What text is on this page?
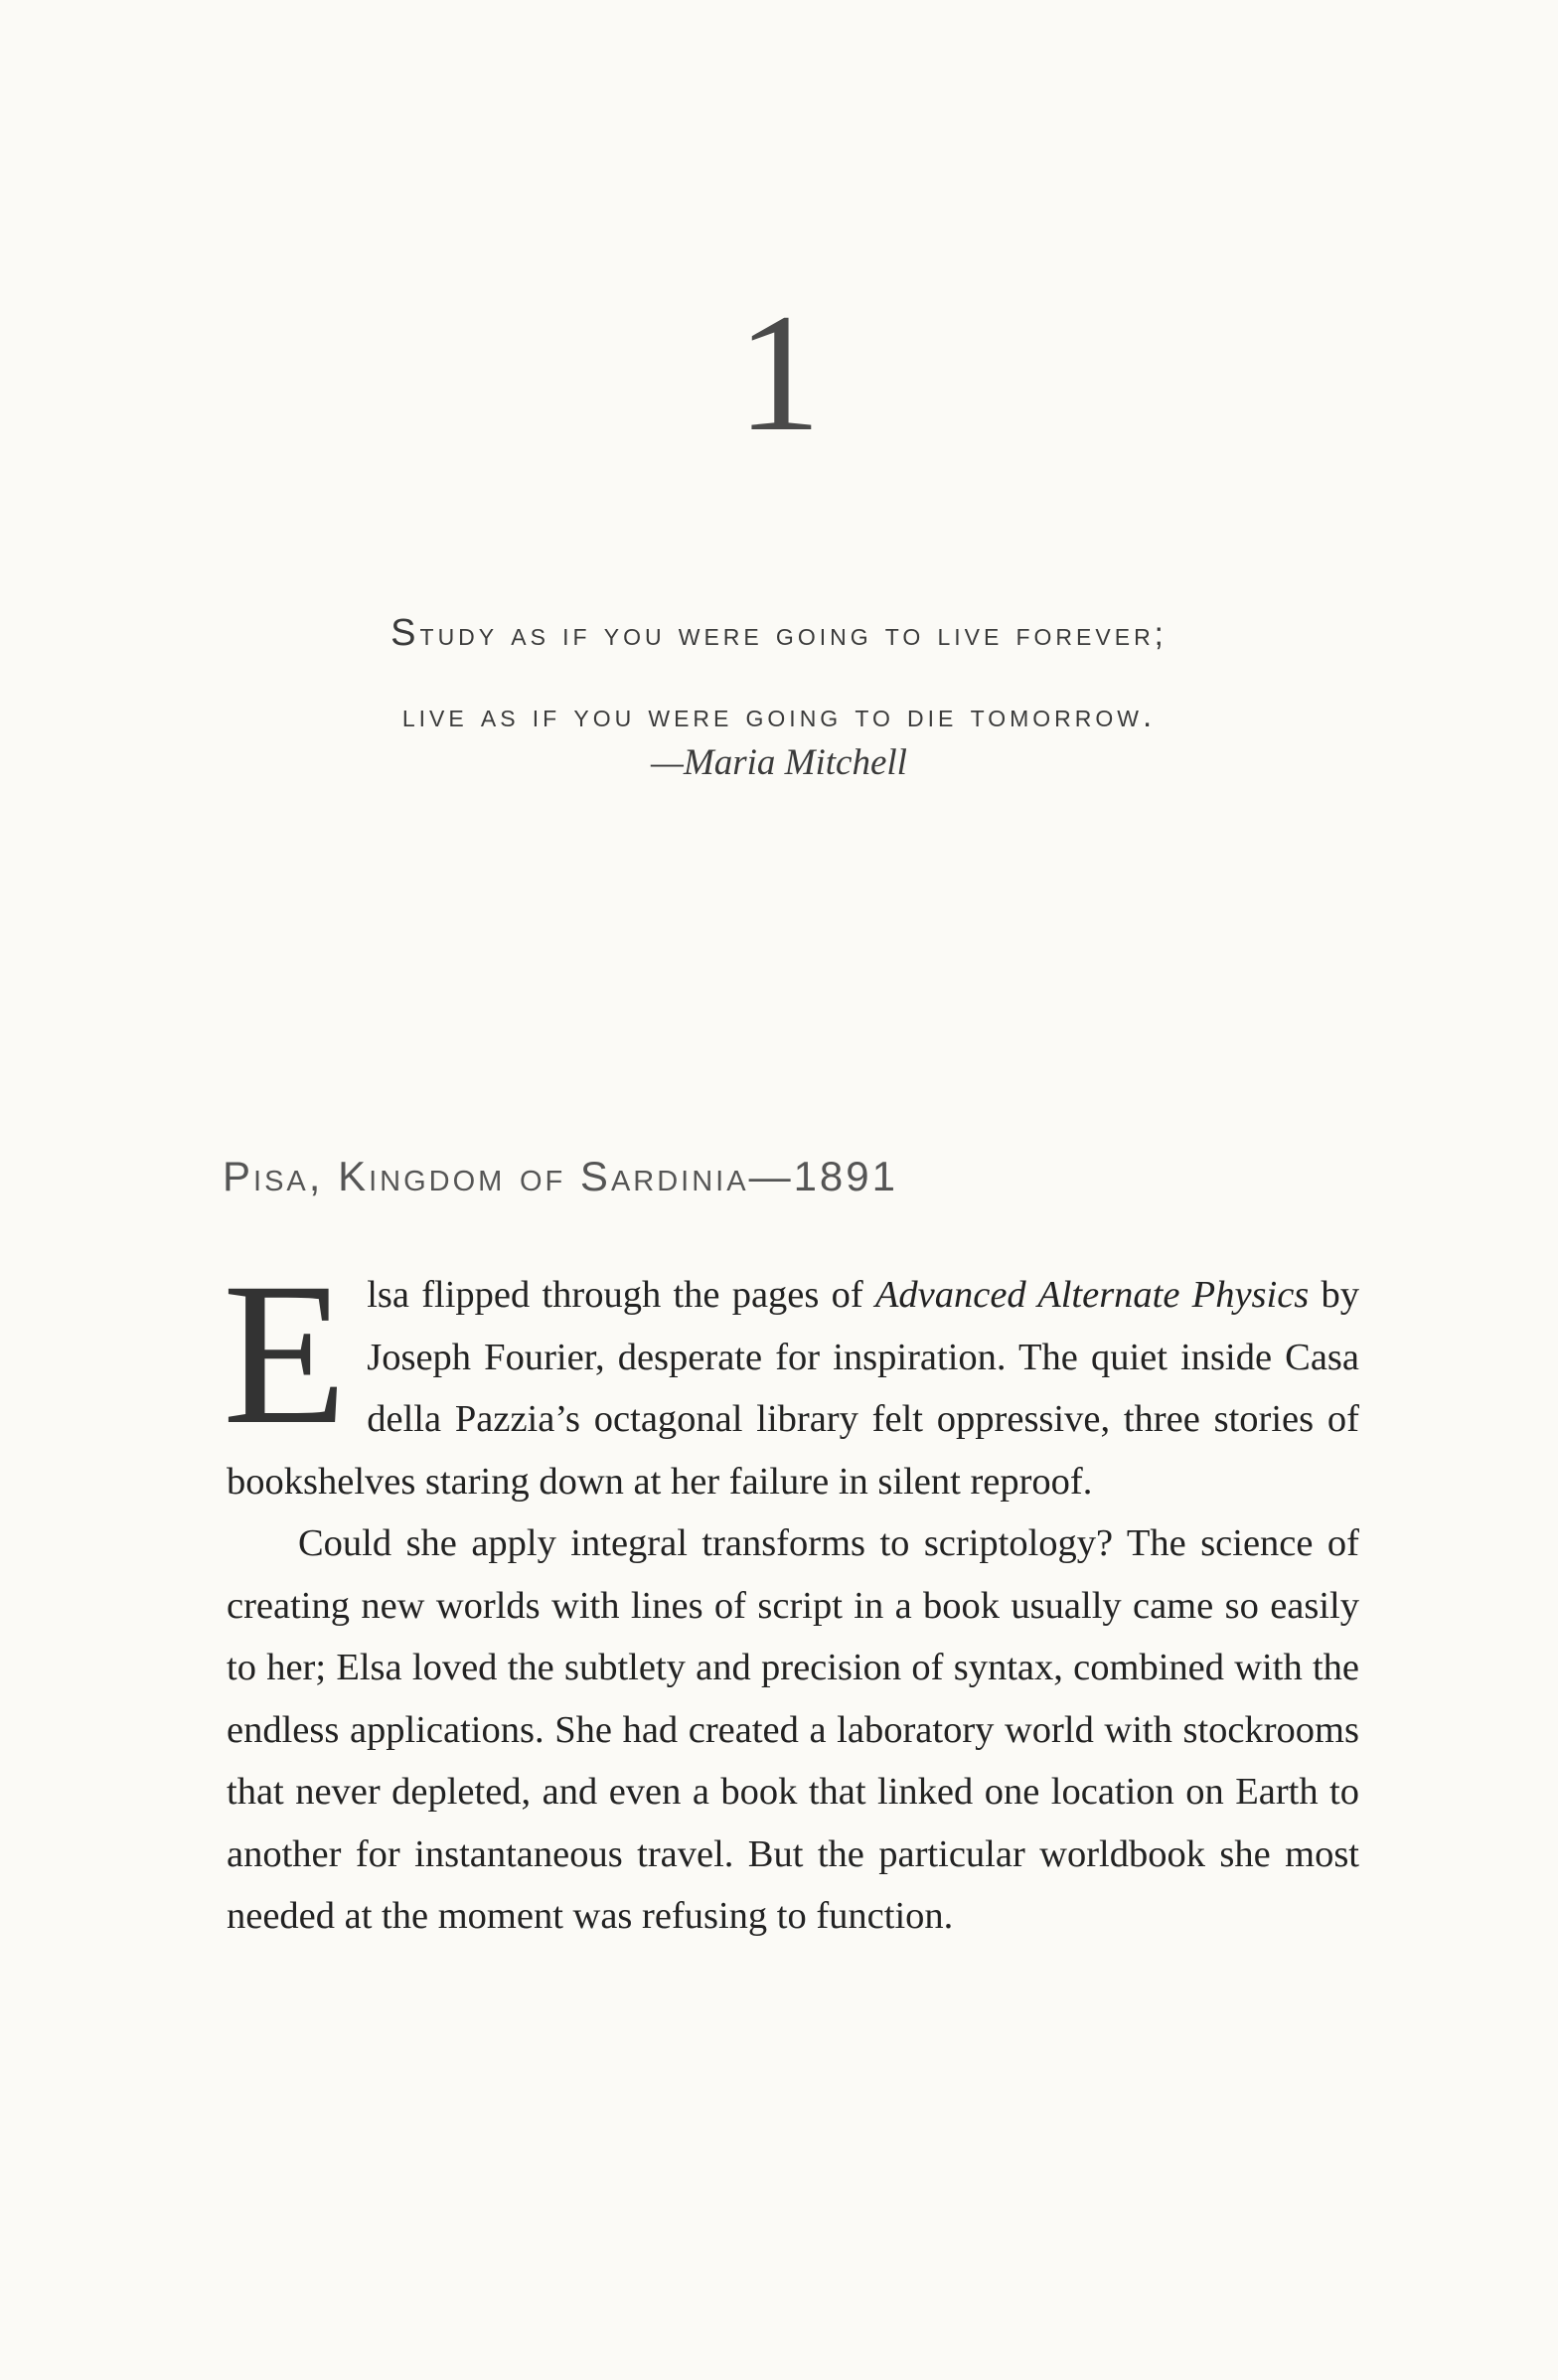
1
Study as if you were going to live forever;
live as if you were going to die tomorrow.
—Maria Mitchell
Pisa, Kingdom of Sardinia—1891

Elsa flipped through the pages of Advanced Alternate Physics by Joseph Fourier, desperate for inspiration. The quiet inside Casa della Pazzia’s octagonal library felt oppressive, three stories of bookshelves staring down at her failure in silent reproof.

Could she apply integral transforms to scriptology? The science of creating new worlds with lines of script in a book usually came so easily to her; Elsa loved the subtlety and precision of syntax, combined with the endless applications. She had created a laboratory world with stockrooms that never depleted, and even a book that linked one location on Earth to another for instantaneous travel. But the particular worldbook she most needed at the moment was refusing to function.
